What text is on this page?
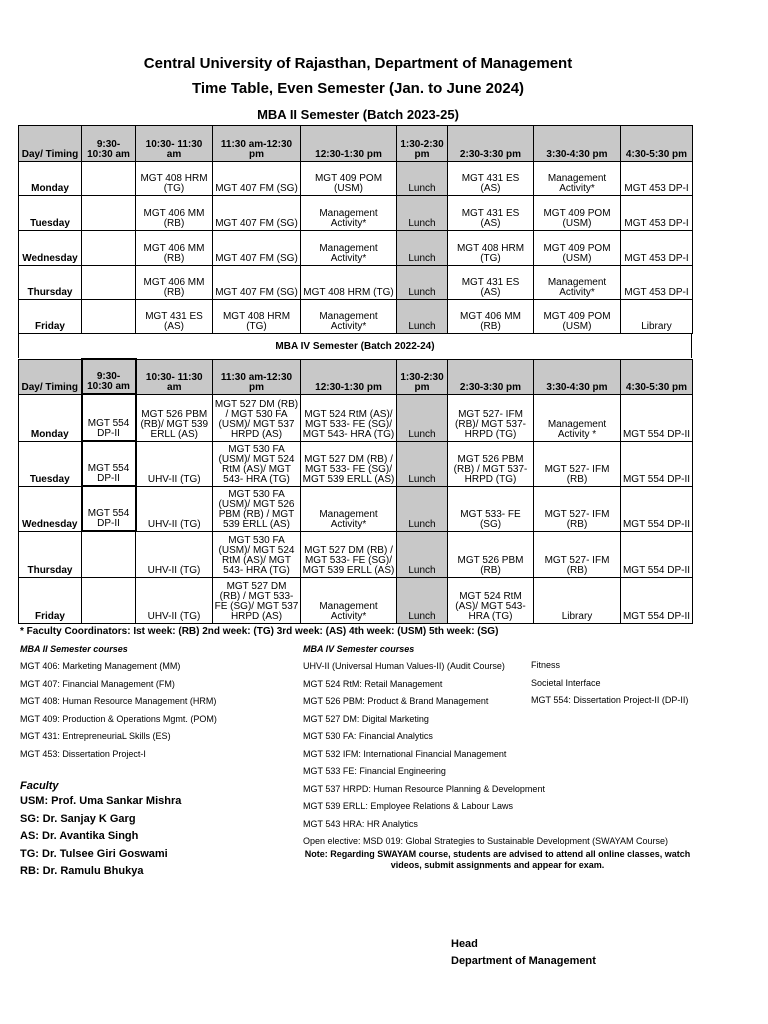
Central University of Rajasthan, Department of Management
Time Table, Even Semester (Jan. to June 2024)
MBA II Semester (Batch 2023-25)
Day/ Timing	9:30-
10:30 am	10:30- 11:30
am	11:30 am-12:30
pm	12:30-1:30 pm	1:30-2:30
pm	2:30-3:30 pm	3:30-4:30 pm	4:30-5:30 pm
Monday		MGT 408 HRM
(TG)	MGT 407 FM (SG)	MGT 409 POM
(USM)	Lunch	MGT 431 ES
(AS)	Management
Activity*	MGT 453 DP-I
Tuesday		MGT 406 MM
(RB)	MGT 407 FM (SG)	Management
Activity*	Lunch	MGT 431 ES
(AS)	MGT 409 POM
(USM)	MGT 453 DP-I
Wednesday		MGT 406 MM
(RB)	MGT 407 FM (SG)	Management
Activity*	Lunch	MGT 408 HRM
(TG)	MGT 409 POM
(USM)	MGT 453 DP-I
Thursday		MGT 406 MM
(RB)	MGT 407 FM (SG)	MGT 408 HRM (TG)	Lunch	MGT 431 ES
(AS)	Management
Activity*	MGT 453 DP-I
Friday		MGT 431 ES
(AS)	MGT 408 HRM
(TG)	Management
Activity*	Lunch	MGT 406 MM
(RB)	MGT 409 POM
(USM)	Library
MBA IV Semester (Batch 2022-24)
Day/ Timing	9:30-
10:30 am	10:30- 11:30
am	11:30 am-12:30
pm	12:30-1:30 pm	1:30-2:30
pm	2:30-3:30 pm	3:30-4:30 pm	4:30-5:30 pm
Monday	MGT 554
DP-II	MGT 526 PBM
(RB)/ MGT 539
ERLL (AS)	MGT 527 DM (RB)
/ MGT 530 FA
(USM)/ MGT 537
HRPD (AS)	MGT 524 RtM (AS)/
MGT 533- FE (SG)/
MGT 543- HRA (TG)	Lunch	MGT 527- IFM
(RB)/ MGT 537-
HRPD (TG)	Management
Activity *	MGT 554 DP-II
Tuesday	MGT 554
DP-II	UHV-II (TG)	MGT 530 FA
(USM)/ MGT 524
RtM (AS)/ MGT
543- HRA (TG)	MGT 527 DM (RB) /
MGT 533- FE (SG)/
MGT 539 ERLL (AS)	Lunch	MGT 526 PBM
(RB) / MGT 537-
HRPD (TG)	MGT 527- IFM
(RB)	MGT 554 DP-II
Wednesday	MGT 554
DP-II	UHV-II (TG)	MGT 530 FA
(USM)/ MGT 526
PBM (RB) / MGT
539 ERLL (AS)	Management
Activity*	Lunch	MGT 533- FE
(SG)	MGT 527- IFM
(RB)	MGT 554 DP-II
Thursday		UHV-II (TG)	MGT 530 FA
(USM)/ MGT 524
RtM (AS)/ MGT
543- HRA (TG)	MGT 527 DM (RB) /
MGT 533- FE (SG)/
MGT 539 ERLL (AS)	Lunch	MGT 526 PBM
(RB)	MGT 527- IFM
(RB)	MGT 554 DP-II
Friday		UHV-II (TG)	MGT 527 DM
(RB) / MGT 533-
FE (SG)/ MGT 537
HRPD (AS)	Management
Activity*	Lunch	MGT 524 RtM
(AS)/ MGT 543-
HRA (TG)	Library	MGT 554 DP-II
* Faculty Coordinators: Ist week: (RB) 2nd week: (TG) 3rd week: (AS) 4th week: (USM) 5th week: (SG)
MBA II Semester courses
MGT 406: Marketing Management (MM)
MGT 407: Financial Management (FM)
MGT 408: Human Resource Management (HRM)
MGT 409: Production & Operations Mgmt. (POM)
MGT 431: EntrepreneuriaL Skills (ES)
MGT 453: Dissertation Project-I
MBA IV Semester courses
UHV-II (Universal Human Values-II) (Audit Course)
MGT 524 RtM: Retail Management
MGT 526 PBM: Product & Brand Management
MGT 527 DM: Digital Marketing
MGT 530 FA: Financial Analytics
MGT 532 IFM: International Financial Management
MGT 533 FE: Financial Engineering
MGT 537 HRPD: Human Resource Planning & Development
MGT 539 ERLL: Employee Relations & Labour Laws
MGT 543 HRA: HR Analytics
Fitness
Societal Interface
MGT 554: Dissertation Project-II (DP-II)
Faculty
USM: Prof. Uma Sankar Mishra
SG: Dr. Sanjay K Garg
AS: Dr. Avantika Singh
TG: Dr. Tulsee Giri Goswami
RB: Dr. Ramulu Bhukya
Open elective: MSD 019: Global Strategies to Sustainable Development (SWAYAM Course)
Note: Regarding SWAYAM course, students are advised to attend all online classes, watch videos, submit assignments and appear for exam.
Head
Department of Management
